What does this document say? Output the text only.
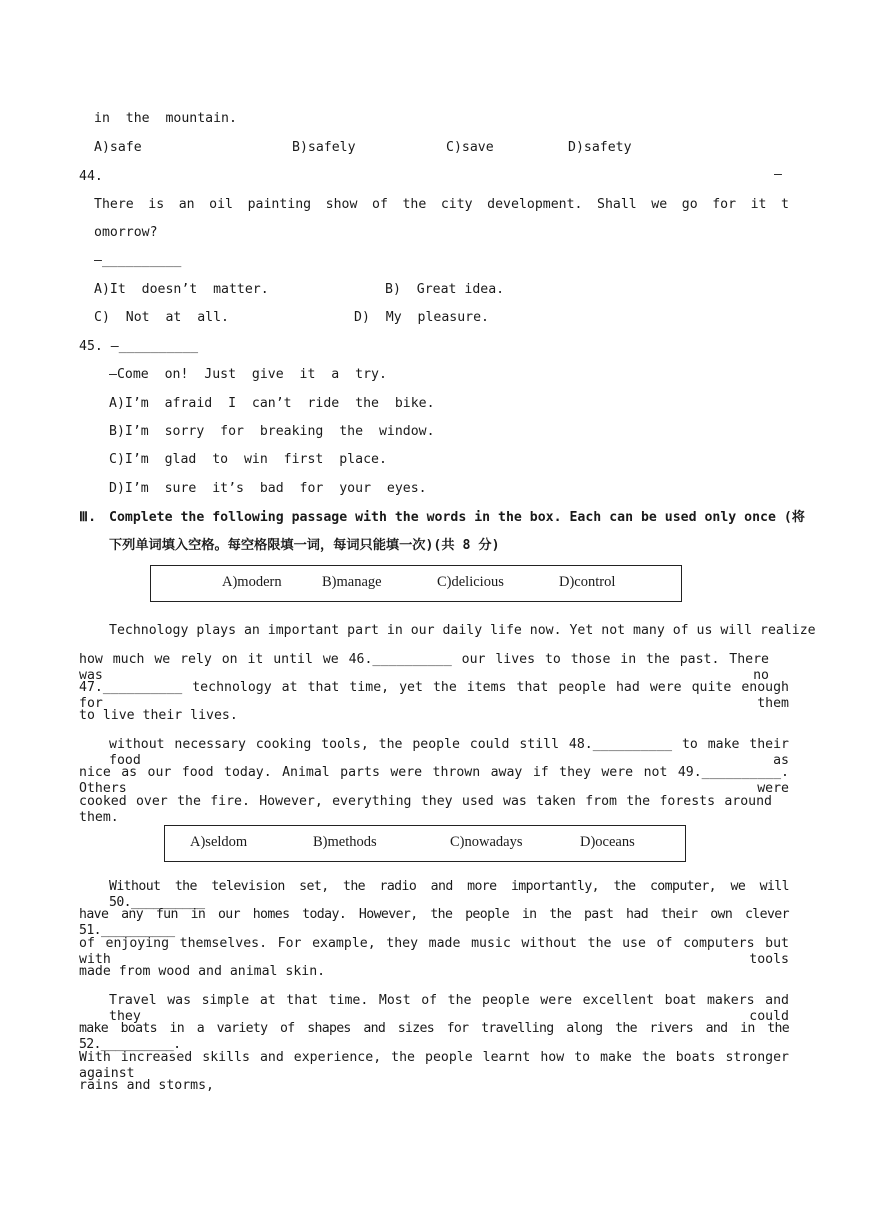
in  the  mountain.
A)safe	B)safely	C)save	D)safety
44.	—
There is an oil painting show of the city development. Shall we go for it t
omorrow?
—__________
A)It  doesn’t  matter.	B)  Great idea.
C)  Not  at  all.	D)  My  pleasure.
45. —__________
—Come  on!  Just  give  it  a  try.
A)I’m  afraid  I  can’t  ride  the  bike.
B)I’m  sorry  for  breaking  the  window.
C)I’m  glad  to  win  first  place.
D)I’m  sure  it’s  bad  for  your  eyes.
Ⅲ. Complete the following passage with the words in the box. Each can be used only once (将
下列单词填入空格。每空格限填一词，每词只能填一次)(共 8 分)
A)modern	B)manage	C)delicious	D)control
Technology plays an important part in our daily life now. Yet not many of us will realize
how much we rely on it until we 46.__________ our lives to those in the past. There was no
47.__________ technology at that time, yet the items that people had were quite enough for them
to live their lives.
without necessary cooking tools, the people could still 48.__________ to make their food as
nice as our food today. Animal parts were thrown away if they were not 49.__________. Others were
cooked over the fire. However, everything they used was taken from the forests around them.
A)seldom	B)methods	C)nowadays	D)oceans
Without the television set, the radio and more importantly, the computer, we will 50.__________
have any fun in our homes today. However, the people in the past had their own clever 51.__________
of enjoying themselves. For example, they made music without the use of computers but with tools
made from wood and animal skin.
Travel was simple at that time. Most of the people were excellent boat makers and they could
make boats in a variety of shapes and sizes for travelling along the rivers and in the 52.__________.
With increased skills and experience, the people learnt how to make the boats stronger against
rains and storms,
